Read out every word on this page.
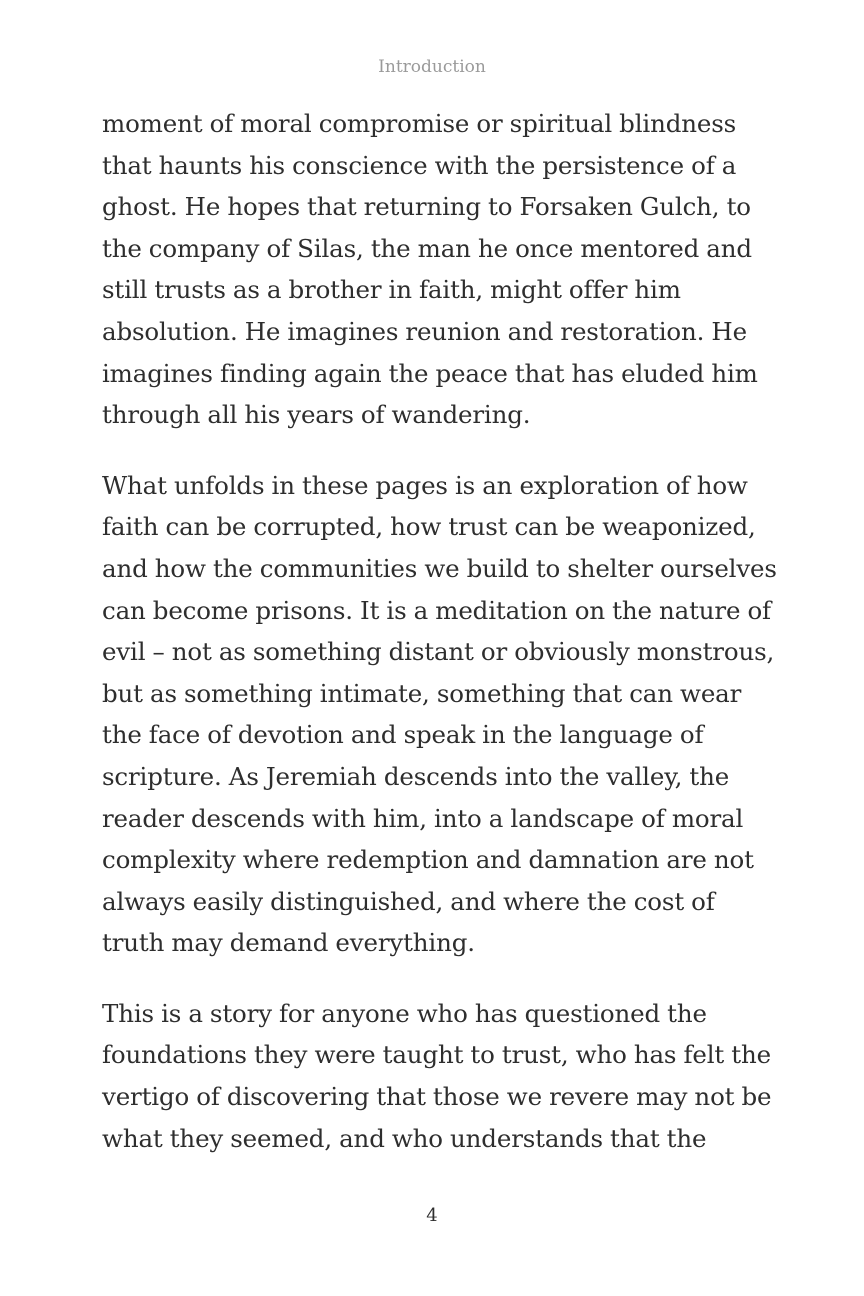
Introduction

moment of moral compromise or spiritual blindness that haunts his conscience with the persistence of a ghost. He hopes that returning to Forsaken Gulch, to the company of Silas, the man he once mentored and still trusts as a brother in faith, might offer him absolution. He imagines reunion and restoration. He imagines finding again the peace that has eluded him through all his years of wandering.

What unfolds in these pages is an exploration of how faith can be corrupted, how trust can be weaponized, and how the communities we build to shelter ourselves can become prisons. It is a meditation on the nature of evil – not as something distant or obviously monstrous, but as something intimate, something that can wear the face of devotion and speak in the language of scripture. As Jeremiah descends into the valley, the reader descends with him, into a landscape of moral complexity where redemption and damnation are not always easily distinguished, and where the cost of truth may demand everything.

This is a story for anyone who has questioned the foundations they were taught to trust, who has felt the vertigo of discovering that those we revere may not be what they seemed, and who understands that the

4
